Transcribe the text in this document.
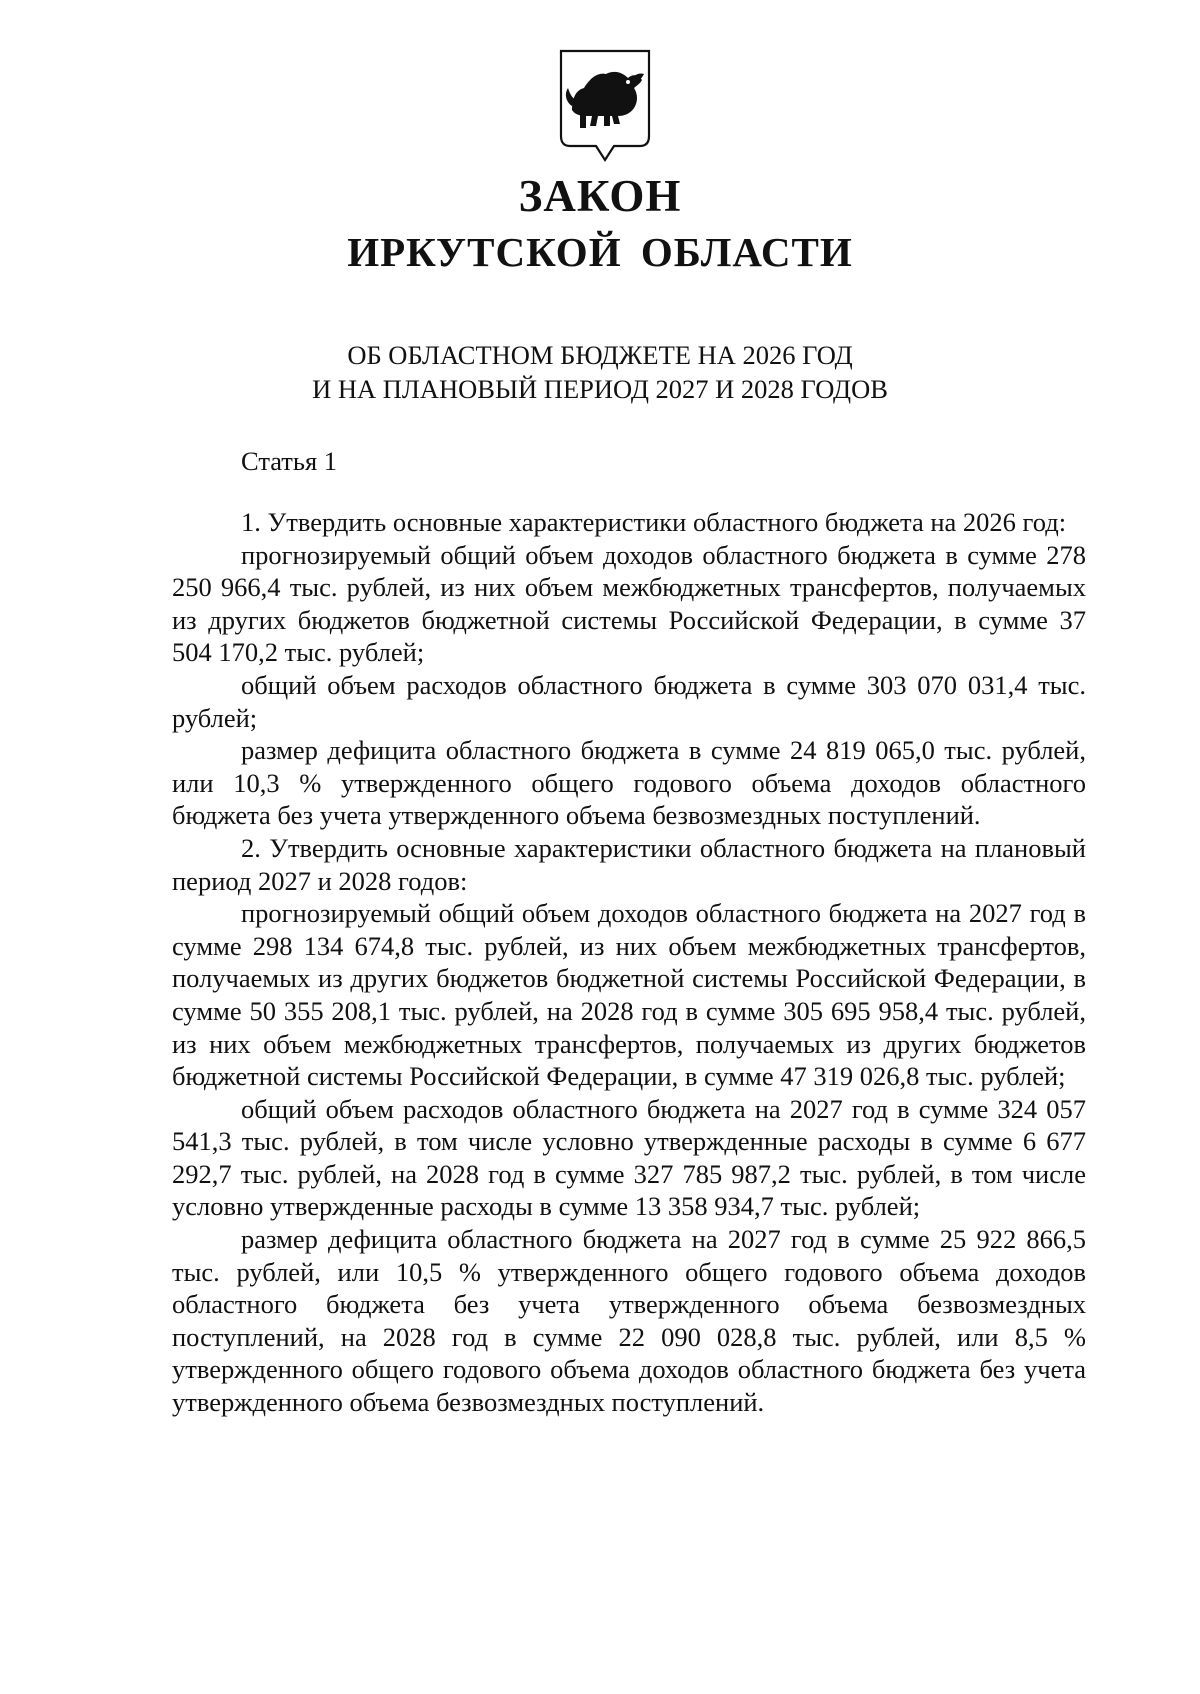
ЗАКОН
ИРКУТСКОЙ ОБЛАСТИ
ОБ ОБЛАСТНОМ БЮДЖЕТЕ НА 2026 ГОД
И НА ПЛАНОВЫЙ ПЕРИОД 2027 И 2028 ГОДОВ
Статья 1

1. Утвердить основные характеристики областного бюджета на 2026 год:

прогнозируемый общий объем доходов областного бюджета в сумме 278 250 966,4 тыс. рублей, из них объем межбюджетных трансфертов, получаемых из других бюджетов бюджетной системы Российской Федерации, в сумме 37 504 170,2 тыс. рублей;

общий объем расходов областного бюджета в сумме 303 070 031,4 тыс. рублей;

размер дефицита областного бюджета в сумме 24 819 065,0 тыс. рублей, или 10,3 % утвержденного общего годового объема доходов областного бюджета без учета утвержденного объема безвозмездных поступлений.

2. Утвердить основные характеристики областного бюджета на плановый период 2027 и 2028 годов:

прогнозируемый общий объем доходов областного бюджета на 2027 год в сумме 298 134 674,8 тыс. рублей, из них объем межбюджетных трансфертов, получаемых из других бюджетов бюджетной системы Российской Федерации, в сумме 50 355 208,1 тыс. рублей, на 2028 год в сумме 305 695 958,4 тыс. рублей, из них объем межбюджетных трансфертов, получаемых из других бюджетов бюджетной системы Российской Федерации, в сумме 47 319 026,8 тыс. рублей;

общий объем расходов областного бюджета на 2027 год в сумме 324 057 541,3 тыс. рублей, в том числе условно утвержденные расходы в сумме 6 677 292,7 тыс. рублей, на 2028 год в сумме 327 785 987,2 тыс. рублей, в том числе условно утвержденные расходы в сумме 13 358 934,7 тыс. рублей;

размер дефицита областного бюджета на 2027 год в сумме 25 922 866,5 тыс. рублей, или 10,5 % утвержденного общего годового объема доходов областного бюджета без учета утвержденного объема безвозмездных поступлений, на 2028 год в сумме 22 090 028,8 тыс. рублей, или 8,5 % утвержденного общего годового объема доходов областного бюджета без учета утвержденного объема безвозмездных поступлений.
